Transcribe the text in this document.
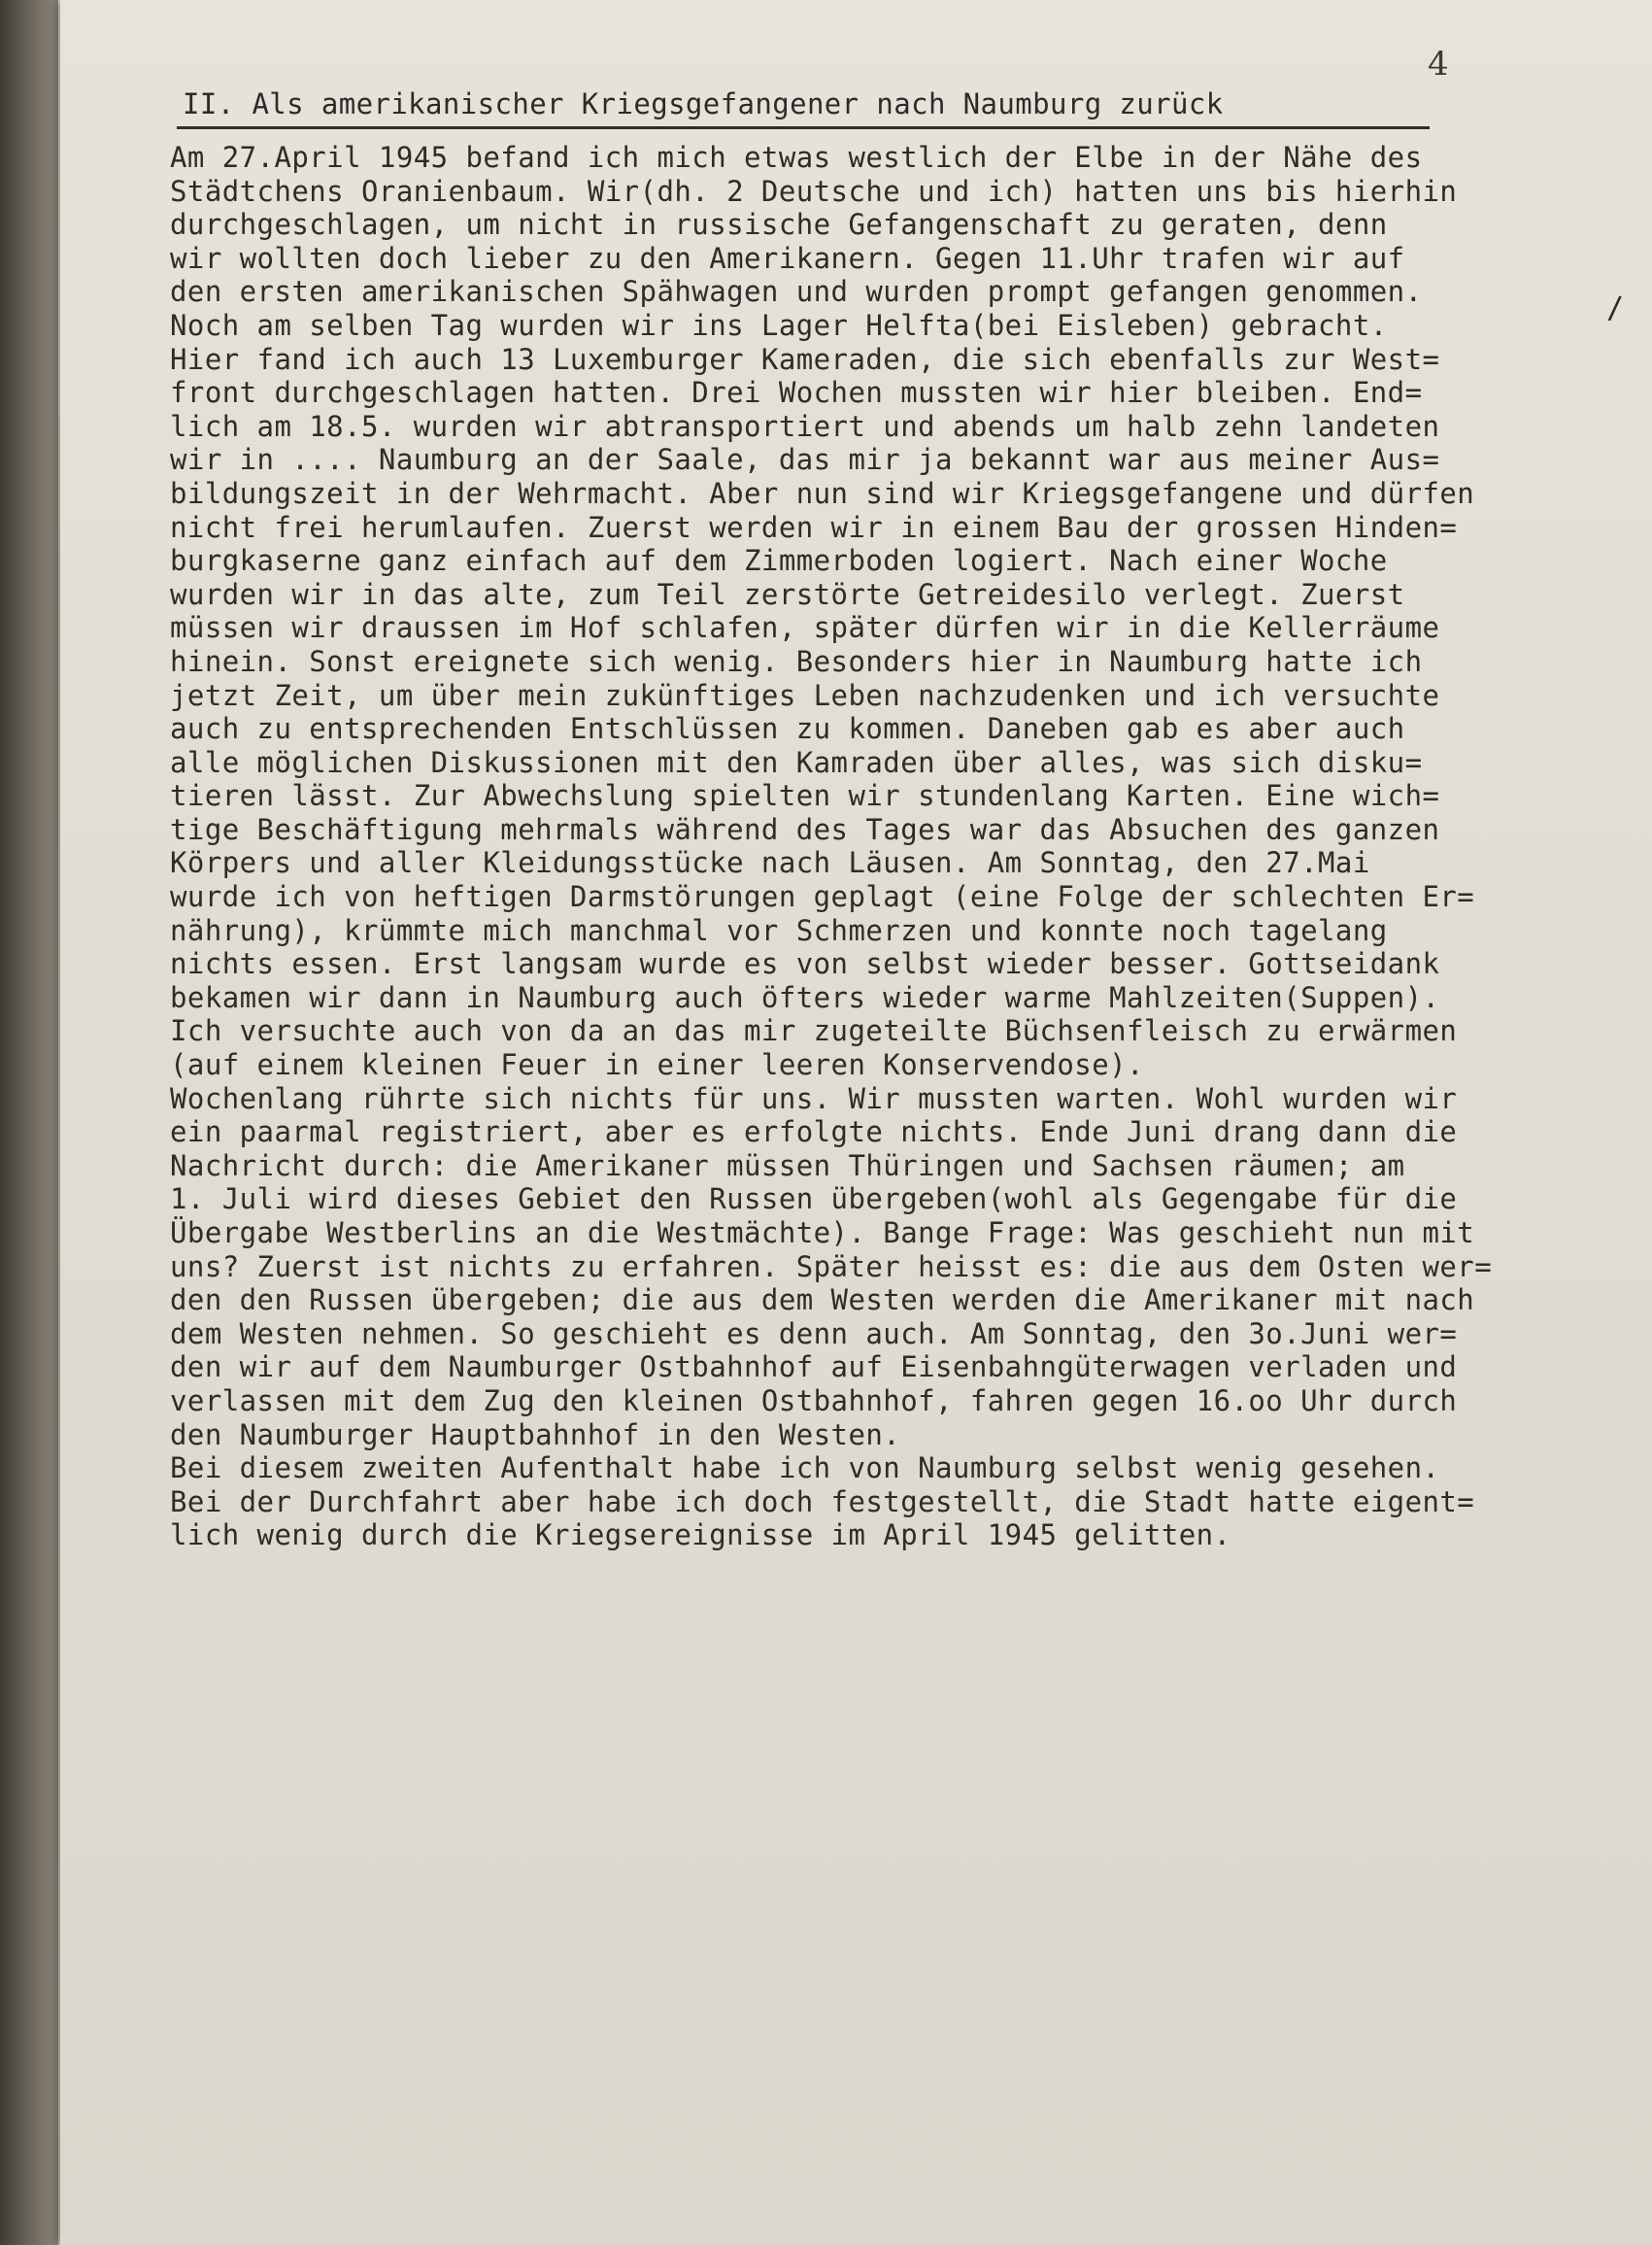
4
II. Als amerikanischer Kriegsgefangener nach Naumburg zurück
/
Am 27.April 1945 befand ich mich etwas westlich der Elbe in der Nähe des
Städtchens Oranienbaum. Wir(dh. 2 Deutsche und ich) hatten uns bis hierhin
durchgeschlagen, um nicht in russische Gefangenschaft zu geraten, denn
wir wollten doch lieber zu den Amerikanern. Gegen 11.Uhr trafen wir auf
den ersten amerikanischen Spähwagen und wurden prompt gefangen genommen.
Noch am selben Tag wurden wir ins Lager Helfta(bei Eisleben) gebracht.
Hier fand ich auch 13 Luxemburger Kameraden, die sich ebenfalls zur West=
front durchgeschlagen hatten. Drei Wochen mussten wir hier bleiben. End=
lich am 18.5. wurden wir abtransportiert und abends um halb zehn landeten
wir in .... Naumburg an der Saale, das mir ja bekannt war aus meiner Aus=
bildungszeit in der Wehrmacht. Aber nun sind wir Kriegsgefangene und dürfen
nicht frei herumlaufen. Zuerst werden wir in einem Bau der grossen Hinden=
burgkaserne ganz einfach auf dem Zimmerboden logiert. Nach einer Woche
wurden wir in das alte, zum Teil zerstörte Getreidesilo verlegt. Zuerst
müssen wir draussen im Hof schlafen, später dürfen wir in die Kellerräume
hinein. Sonst ereignete sich wenig. Besonders hier in Naumburg hatte ich
jetzt Zeit, um über mein zukünftiges Leben nachzudenken und ich versuchte
auch zu entsprechenden Entschlüssen zu kommen. Daneben gab es aber auch
alle möglichen Diskussionen mit den Kamraden über alles, was sich disku=
tieren lässt. Zur Abwechslung spielten wir stundenlang Karten. Eine wich=
tige Beschäftigung mehrmals während des Tages war das Absuchen des ganzen
Körpers und aller Kleidungsstücke nach Läusen. Am Sonntag, den 27.Mai
wurde ich von heftigen Darmstörungen geplagt (eine Folge der schlechten Er=
nährung), krümmte mich manchmal vor Schmerzen und konnte noch tagelang
nichts essen. Erst langsam wurde es von selbst wieder besser. Gottseidank
bekamen wir dann in Naumburg auch öfters wieder warme Mahlzeiten(Suppen).
Ich versuchte auch von da an das mir zugeteilte Büchsenfleisch zu erwärmen
(auf einem kleinen Feuer in einer leeren Konservendose).
Wochenlang rührte sich nichts für uns. Wir mussten warten. Wohl wurden wir
ein paarmal registriert, aber es erfolgte nichts. Ende Juni drang dann die
Nachricht durch: die Amerikaner müssen Thüringen und Sachsen räumen; am
1. Juli wird dieses Gebiet den Russen übergeben(wohl als Gegengabe für die
Übergabe Westberlins an die Westmächte). Bange Frage: Was geschieht nun mit
uns? Zuerst ist nichts zu erfahren. Später heisst es: die aus dem Osten wer=
den den Russen übergeben; die aus dem Westen werden die Amerikaner mit nach
dem Westen nehmen. So geschieht es denn auch. Am Sonntag, den 3o.Juni wer=
den wir auf dem Naumburger Ostbahnhof auf Eisenbahngüterwagen verladen und
verlassen mit dem Zug den kleinen Ostbahnhof, fahren gegen 16.oo Uhr durch
den Naumburger Hauptbahnhof in den Westen.
Bei diesem zweiten Aufenthalt habe ich von Naumburg selbst wenig gesehen.
Bei der Durchfahrt aber habe ich doch festgestellt, die Stadt hatte eigent=
lich wenig durch die Kriegsereignisse im April 1945 gelitten.
